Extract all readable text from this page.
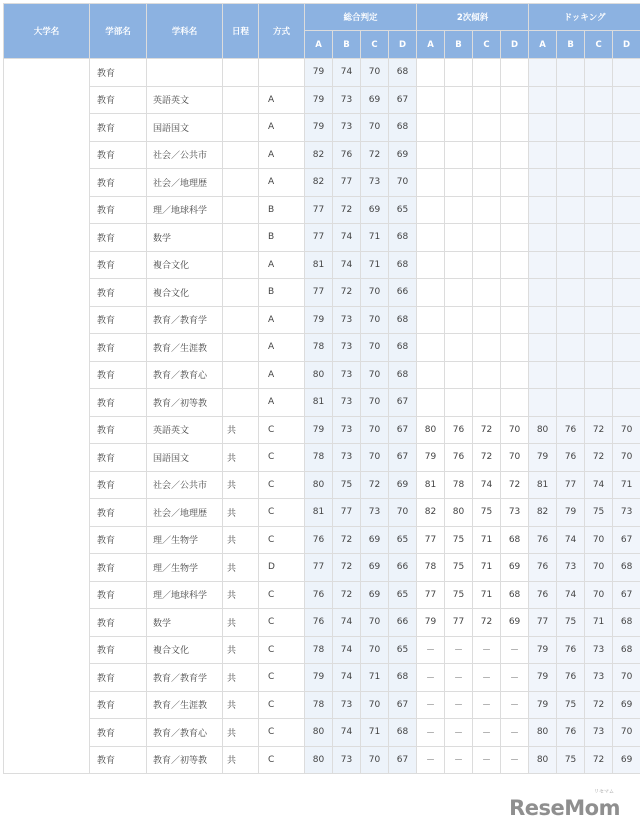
大学名	学部名	学科名	日程	方式	総合判定				2次傾斜				ドッキング			
					A	B	C	D	A	B	C	D	A	B	C	D
	教育				79	74	70	68								
	教育	英語英文		A	79	73	69	67								
	教育	国語国文		A	79	73	70	68								
	教育	社会／公共市		A	82	76	72	69								
	教育	社会／地理歴		A	82	77	73	70								
	教育	理／地球科学		B	77	72	69	65								
	教育	数学		B	77	74	71	68								
	教育	複合文化		A	81	74	71	68								
	教育	複合文化		B	77	72	70	66								
	教育	教育／教育学		A	79	73	70	68								
	教育	教育／生涯教		A	78	73	70	68								
	教育	教育／教育心		A	80	73	70	68								
	教育	教育／初等教		A	81	73	70	67								
	教育	英語英文	共	C	79	73	70	67	80	76	72	70	80	76	72	70
	教育	国語国文	共	C	78	73	70	67	79	76	72	70	79	76	72	70
	教育	社会／公共市	共	C	80	75	72	69	81	78	74	72	81	77	74	71
	教育	社会／地理歴	共	C	81	77	73	70	82	80	75	73	82	79	75	73
	教育	理／生物学	共	C	76	72	69	65	77	75	71	68	76	74	70	67
	教育	理／生物学	共	D	77	72	69	66	78	75	71	69	76	73	70	68
	教育	理／地球科学	共	C	76	72	69	65	77	75	71	68	76	74	70	67
	教育	数学	共	C	76	74	70	66	79	77	72	69	77	75	71	68
	教育	複合文化	共	C	78	74	70	65	－	－	－	－	79	76	73	68
	教育	教育／教育学	共	C	79	74	71	68	－	－	－	－	79	76	73	70
	教育	教育／生涯教	共	C	78	73	70	67	－	－	－	－	79	75	72	69
	教育	教育／教育心	共	C	80	74	71	68	－	－	－	－	80	76	73	70
	教育	教育／初等教	共	C	80	73	70	67	－	－	－	－	80	75	72	69
ReseMom
リセマム
